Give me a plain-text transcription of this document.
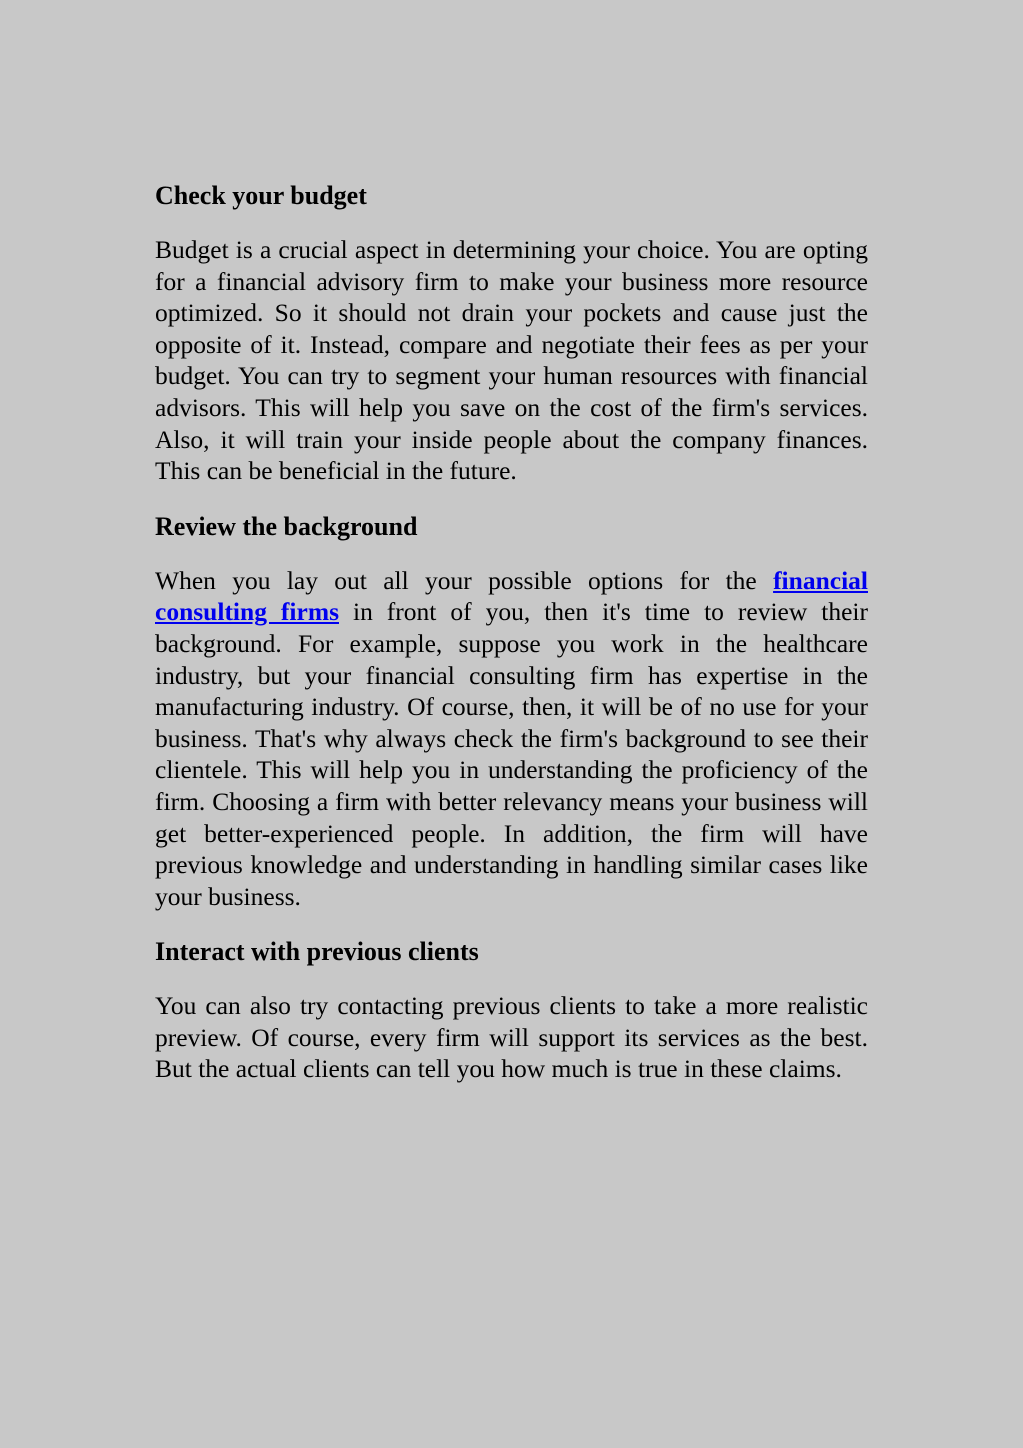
Check your budget

Budget is a crucial aspect in determining your choice. You are opting for a financial advisory firm to make your business more resource optimized. So it should not drain your pockets and cause just the opposite of it. Instead, compare and negotiate their fees as per your budget. You can try to segment your human resources with financial advisors. This will help you save on the cost of the firm's services. Also, it will train your inside people about the company finances. This can be beneficial in the future.

Review the background

When you lay out all your possible options for the financial consulting firms in front of you, then it's time to review their background. For example, suppose you work in the healthcare industry, but your financial consulting firm has expertise in the manufacturing industry. Of course, then, it will be of no use for your business. That's why always check the firm's background to see their clientele. This will help you in understanding the proficiency of the firm. Choosing a firm with better relevancy means your business will get better-experienced people. In addition, the firm will have previous knowledge and understanding in handling similar cases like your business.

Interact with previous clients

You can also try contacting previous clients to take a more realistic preview. Of course, every firm will support its services as the best. But the actual clients can tell you how much is true in these claims.
